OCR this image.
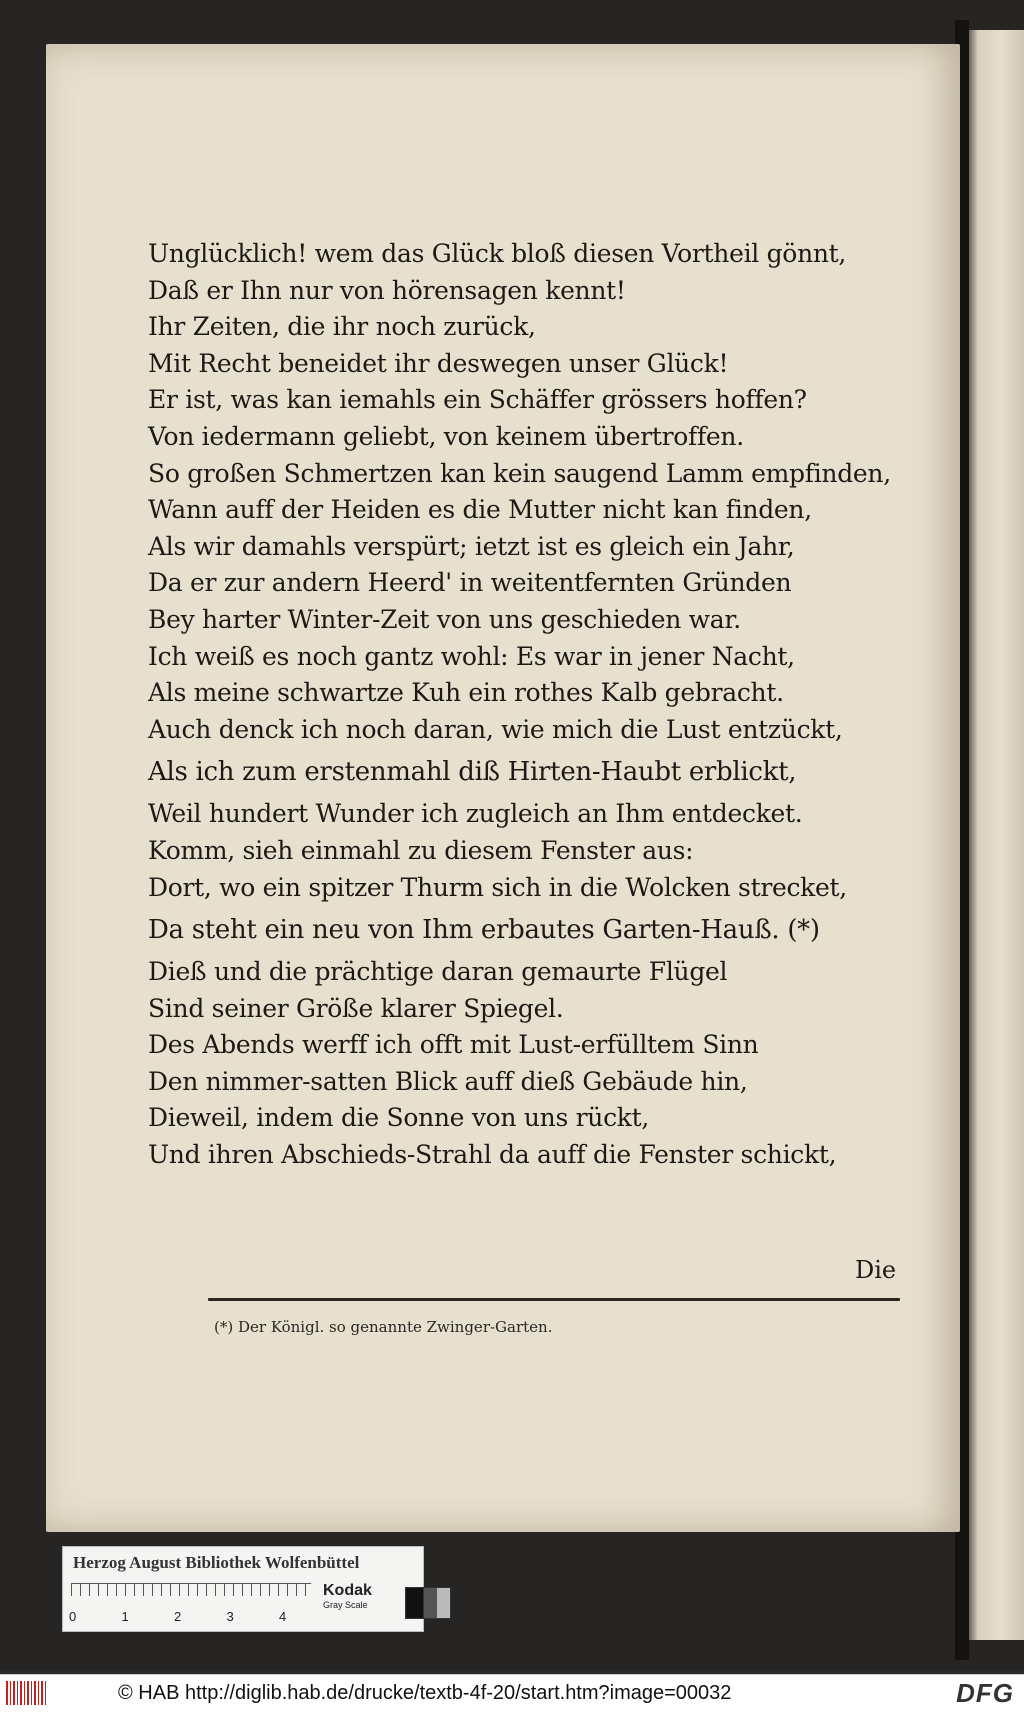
Unglücklich! wem das Glück bloß diesen Vortheil gönnt,
Daß er Ihn nur von hörensagen kennt!
Ihr Zeiten, die ihr noch zurück,
Mit Recht beneidet ihr deswegen unser Glück!
Er ist, was kan iemahls ein Schäffer grössers hoffen?
Von iedermann geliebt, von keinem übertroffen.
So großen Schmertzen kan kein saugend Lamm empfinden,
Wann auff der Heiden es die Mutter nicht kan finden,
Als wir damahls verspürt; ietzt ist es gleich ein Jahr,
Da er zur andern Heerd' in weitentfernten Gründen
Bey harter Winter-Zeit von uns geschieden war.
Ich weiß es noch gantz wohl: Es war in jener Nacht,
Als meine schwartze Kuh ein rothes Kalb gebracht.
Auch denck ich noch daran, wie mich die Lust entzückt,
Als ich zum erstenmahl diß Hirten-Haubt erblickt,
Weil hundert Wunder ich zugleich an Ihm entdecket.
Komm, sieh einmahl zu diesem Fenster aus:
Dort, wo ein spitzer Thurm sich in die Wolcken strecket,
Da steht ein neu von Ihm erbautes Garten-Hauß. (*)
Dieß und die prächtige daran gemaurte Flügel
Sind seiner Größe klarer Spiegel.
Des Abends werff ich offt mit Lust-erfülltem Sinn
Den nimmer-satten Blick auff dieß Gebäude hin,
Dieweil, indem die Sonne von uns rückt,
Und ihren Abschieds-Strahl da auff die Fenster schickt,
Die
(*) Der Königl. so genannte Zwinger-Garten.
Herzog August Bibliothek Wolfenbüttel
0	1	2	3	4
Kodak
Gray Scale
© HAB http://diglib.hab.de/drucke/textb-4f-20/start.htm?image=00032	DFG
